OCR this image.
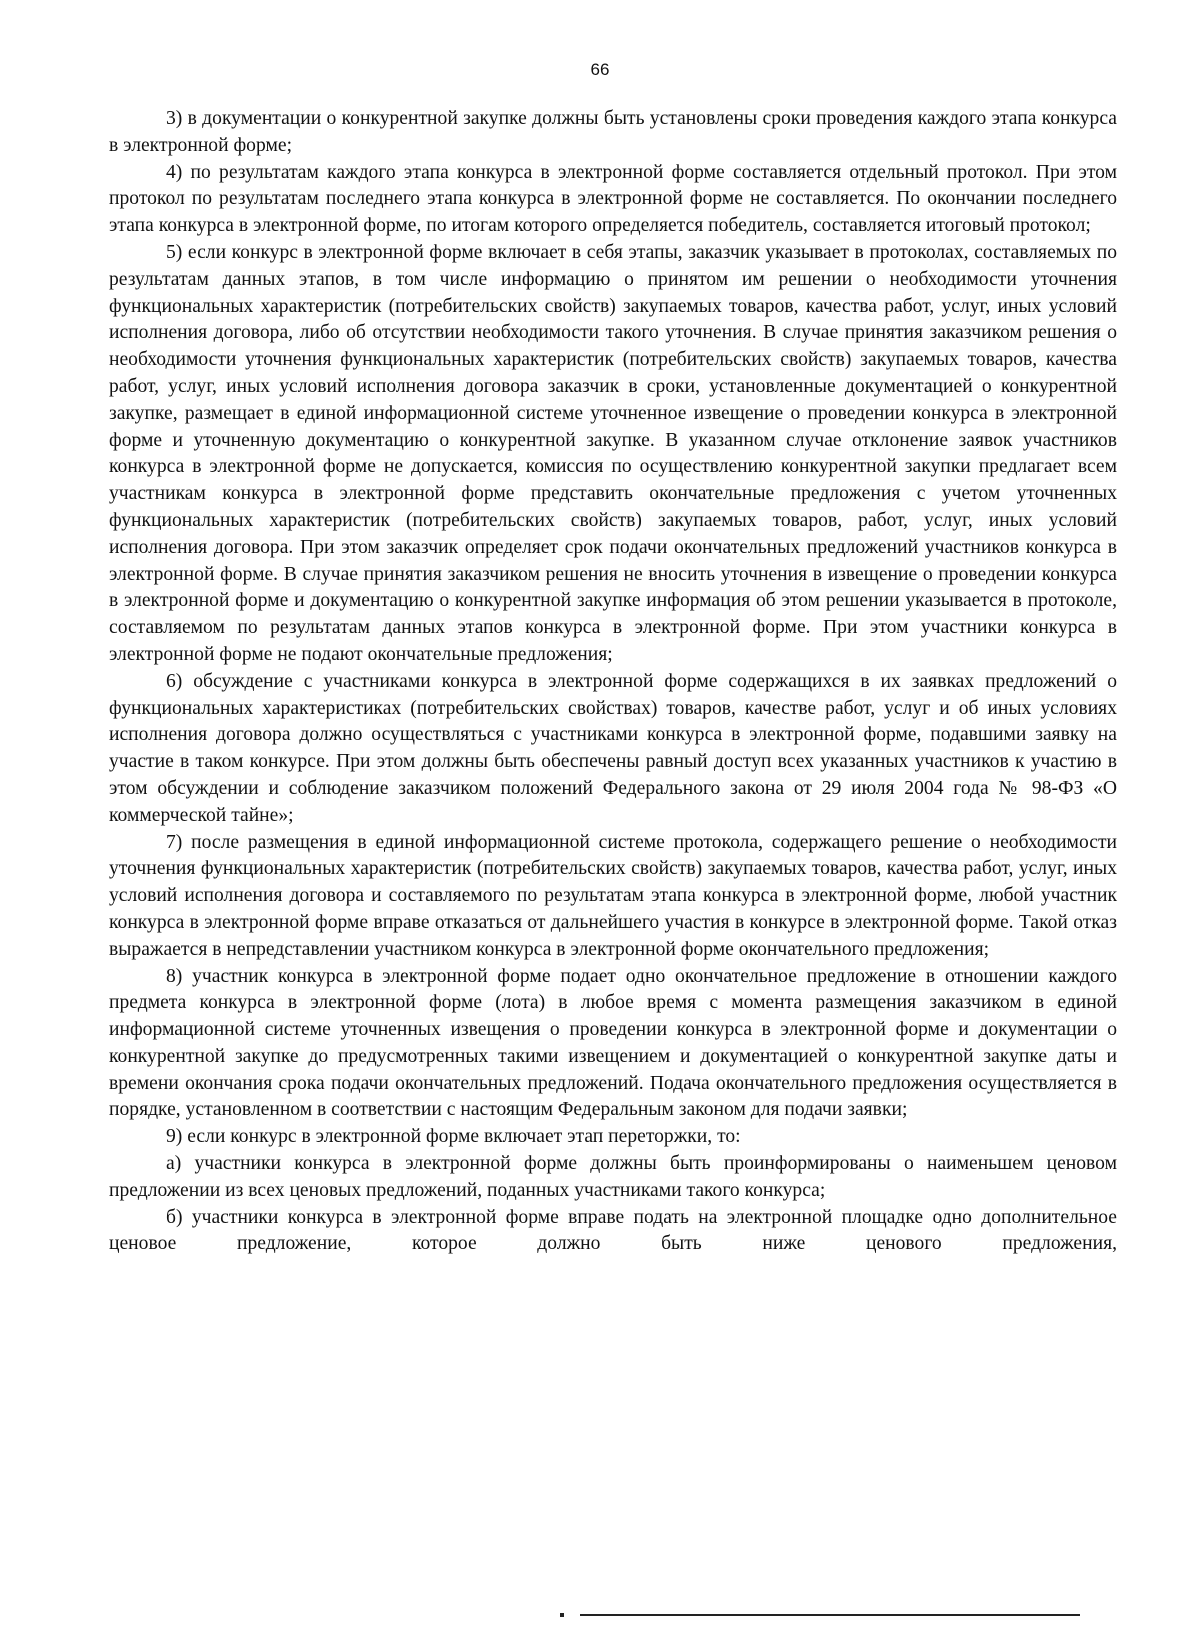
66

3) в документации о конкурентной закупке должны быть установлены сроки проведения каждого этапа конкурса в электронной форме;

4) по результатам каждого этапа конкурса в электронной форме составляется отдельный протокол. При этом протокол по результатам последнего этапа конкурса в электронной форме не составляется. По окончании последнего этапа конкурса в электронной форме, по итогам которого определяется победитель, составляется итоговый протокол;

5) если конкурс в электронной форме включает в себя этапы, заказчик указывает в протоколах, составляемых по результатам данных этапов, в том числе информацию о принятом им решении о необходимости уточнения функциональных характеристик (потребительских свойств) закупаемых товаров, качества работ, услуг, иных условий исполнения договора, либо об отсутствии необходимости такого уточнения. В случае принятия заказчиком решения о необходимости уточнения функциональных характеристик (потребительских свойств) закупаемых товаров, качества работ, услуг, иных условий исполнения договора заказчик в сроки, установленные документацией о конкурентной закупке, размещает в единой информационной системе уточненное извещение о проведении конкурса в электронной форме и уточненную документацию о конкурентной закупке. В указанном случае отклонение заявок участников конкурса в электронной форме не допускается, комиссия по осуществлению конкурентной закупки предлагает всем участникам конкурса в электронной форме представить окончательные предложения с учетом уточненных функциональных характеристик (потребительских свойств) закупаемых товаров, работ, услуг, иных условий исполнения договора. При этом заказчик определяет срок подачи окончательных предложений участников конкурса в электронной форме. В случае принятия заказчиком решения не вносить уточнения в извещение о проведении конкурса в электронной форме и документацию о конкурентной закупке информация об этом решении указывается в протоколе, составляемом по результатам данных этапов конкурса в электронной форме. При этом участники конкурса в электронной форме не подают окончательные предложения;

6) обсуждение с участниками конкурса в электронной форме содержащихся в их заявках предложений о функциональных характеристиках (потребительских свойствах) товаров, качестве работ, услуг и об иных условиях исполнения договора должно осуществляться с участниками конкурса в электронной форме, подавшими заявку на участие в таком конкурсе. При этом должны быть обеспечены равный доступ всех указанных участников к участию в этом обсуждении и соблюдение заказчиком положений Федерального закона от 29 июля 2004 года № 98-ФЗ «О коммерческой тайне»;

7) после размещения в единой информационной системе протокола, содержащего решение о необходимости уточнения функциональных характеристик (потребительских свойств) закупаемых товаров, качества работ, услуг, иных условий исполнения договора и составляемого по результатам этапа конкурса в электронной форме, любой участник конкурса в электронной форме вправе отказаться от дальнейшего участия в конкурсе в электронной форме. Такой отказ выражается в непредставлении участником конкурса в электронной форме окончательного предложения;

8) участник конкурса в электронной форме подает одно окончательное предложение в отношении каждого предмета конкурса в электронной форме (лота) в любое время с момента размещения заказчиком в единой информационной системе уточненных извещения о проведении конкурса в электронной форме и документации о конкурентной закупке до предусмотренных такими извещением и документацией о конкурентной закупке даты и времени окончания срока подачи окончательных предложений. Подача окончательного предложения осуществляется в порядке, установленном в соответствии с настоящим Федеральным законом для подачи заявки;

9) если конкурс в электронной форме включает этап переторжки, то:

а) участники конкурса в электронной форме должны быть проинформированы о наименьшем ценовом предложении из всех ценовых предложений, поданных участниками такого конкурса;

б) участники конкурса в электронной форме вправе подать на электронной площадке одно дополнительное ценовое предложение, которое должно быть ниже ценового предложения,
